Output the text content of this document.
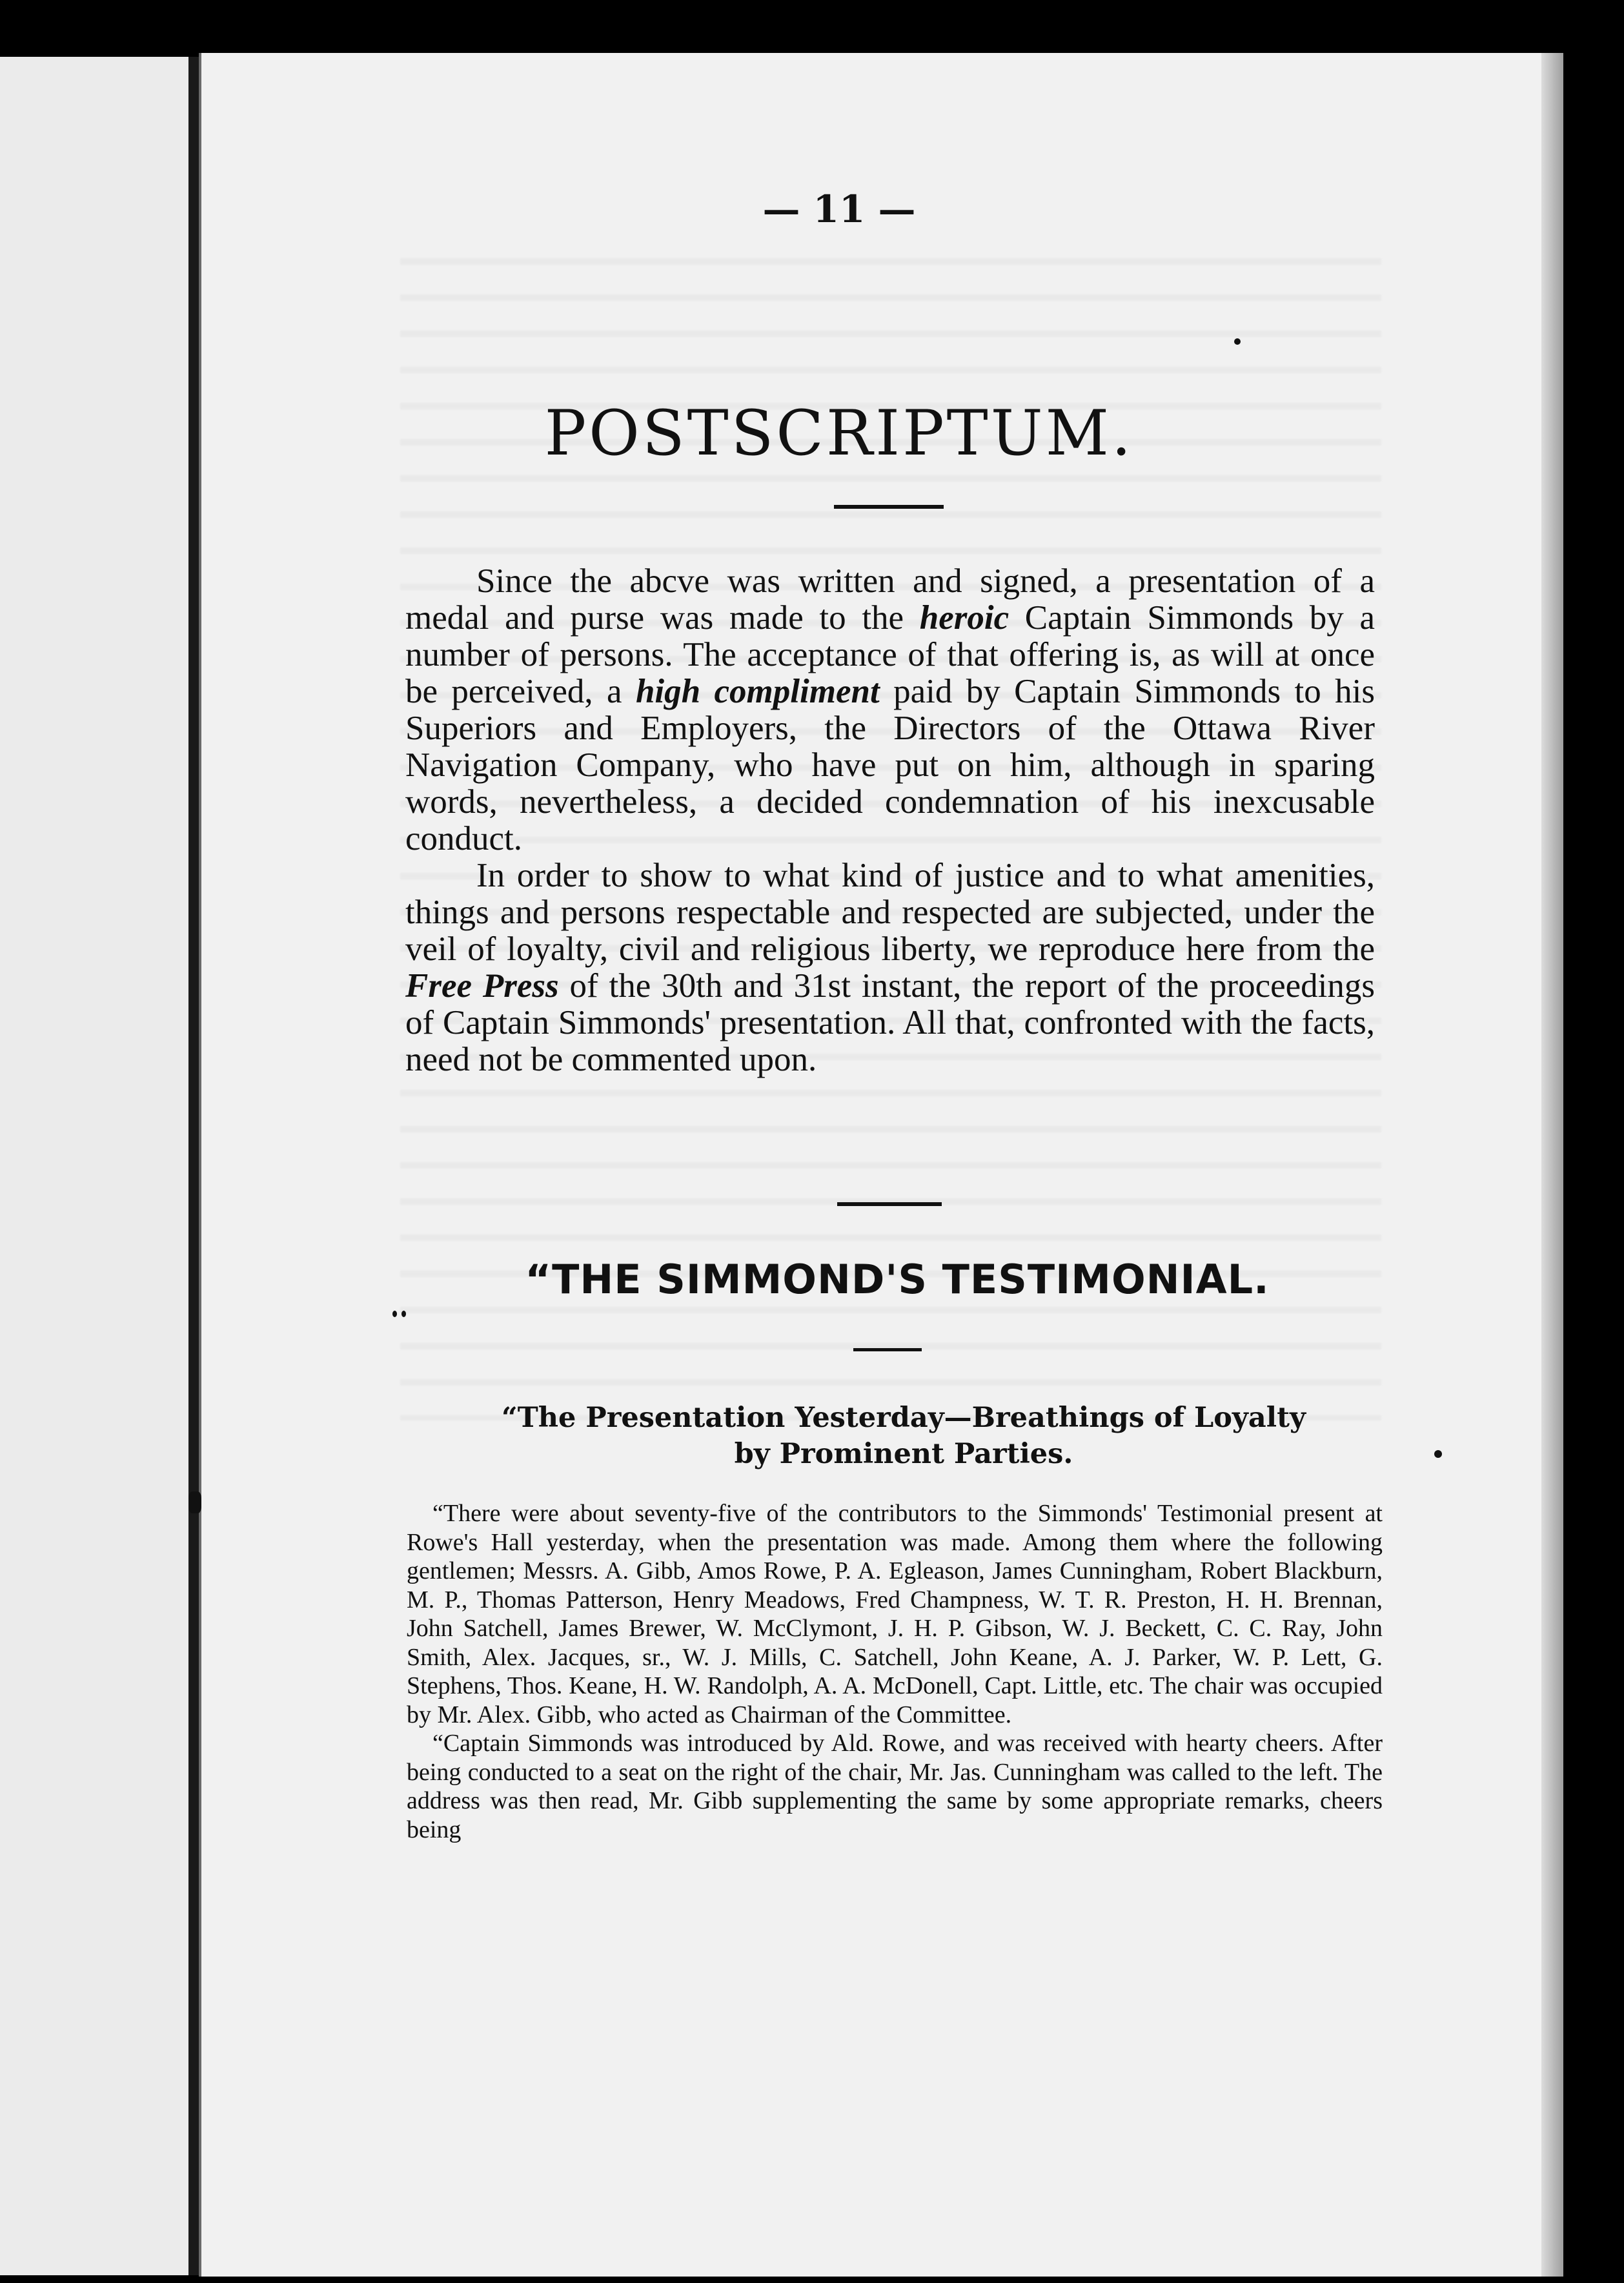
— 11 —
POSTSCRIPTUM.

Since the abcve was written and signed, a presentation of a medal and purse was made to the heroic Captain Simmonds by a number of persons. The acceptance of that offering is, as will at once be perceived, a high compliment paid by Captain Simmonds to his Superiors and Employers, the Directors of the Ottawa River Navigation Company, who have put on him, although in sparing words, nevertheless, a decided condemnation of his inexcusable conduct.

In order to show to what kind of justice and to what amenities, things and persons respectable and respected are subjected, under the veil of loyalty, civil and religious liberty, we reproduce here from the Free Press of the 30th and 31st instant, the report of the proceedings of Captain Simmonds' presentation. All that, confronted with the facts, need not be commented upon.

“THE SIMMOND'S TESTIMONIAL.
“The Presentation Yesterday—Breathings of Loyalty
by Prominent Parties.

“There were about seventy-five of the contributors to the Simmonds' Testimonial present at Rowe's Hall yesterday, when the presentation was made. Among them where the following gentlemen; Messrs. A. Gibb, Amos Rowe, P. A. Egleason, James Cunningham, Robert Blackburn, M. P., Thomas Patterson, Henry Meadows, Fred Champness, W. T. R. Preston, H. H. Brennan, John Satchell, James Brewer, W. McClymont, J. H. P. Gibson, W. J. Beckett, C. C. Ray, John Smith, Alex. Jacques, sr., W. J. Mills, C. Satchell, John Keane, A. J. Parker, W. P. Lett, G. Stephens, Thos. Keane, H. W. Randolph, A. A. McDonell, Capt. Little, etc. The chair was occupied by Mr. Alex. Gibb, who acted as Chairman of the Committee.

“Captain Simmonds was introduced by Ald. Rowe, and was received with hearty cheers. After being conducted to a seat on the right of the chair, Mr. Jas. Cunningham was called to the left. The address was then read, Mr. Gibb supplementing the same by some appropriate remarks, cheers being
